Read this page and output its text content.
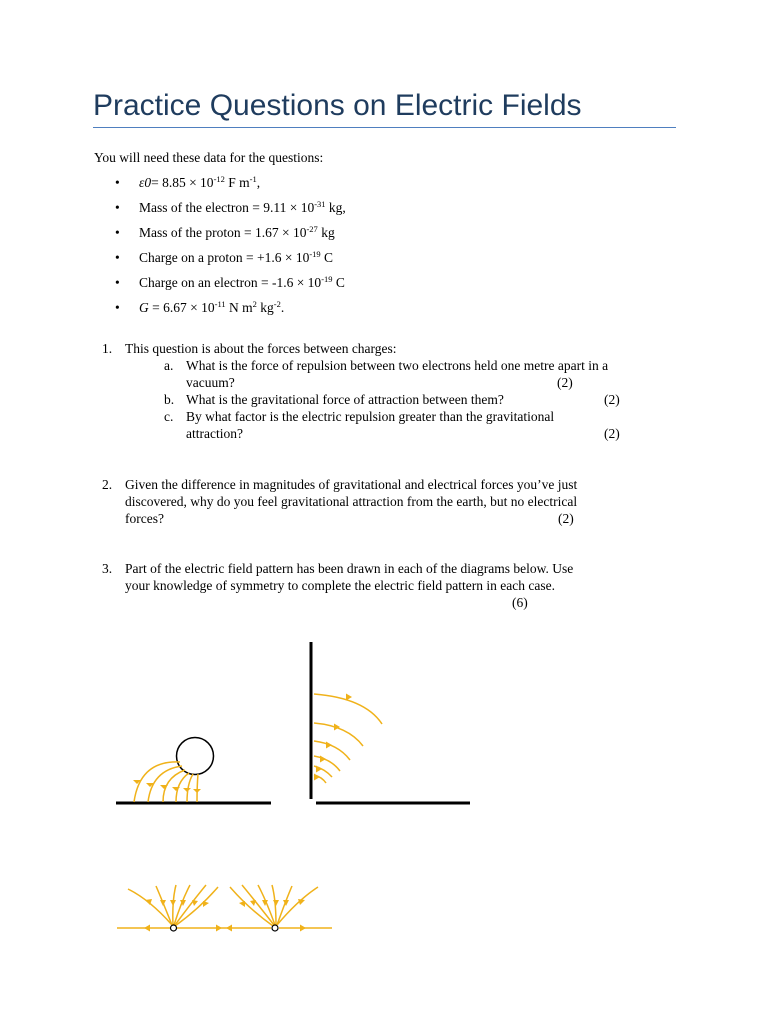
Practice Questions on Electric Fields
You will need these data for the questions:
• $\varepsilon 0= 8.85 \times 10^{-12}$ F $m^{-1}$,
• Mass of the electron = $9.11 \times 10^{-31}$ kg,
• Mass of the proton = $1.67 \times 10^{-27}$ kg
• Charge on a proton = $+1.6 \times 10^{-19}$ C
• Charge on an electron = $-1.6 \times 10^{-19}$ C
• $G = 6.67 \times 10^{-11}$ N $m^2$ $kg^{-2}$.
1. This question is about the forces between charges:
a. What is the force of repulsion between two electrons held one metre apart in a
vacuum?	(2)
b. What is the gravitational force of attraction between them?	(2)
c. By what factor is the electric repulsion greater than the gravitational
attraction?	(2)
2. Given the difference in magnitudes of gravitational and electrical forces you’ve just
discovered, why do you feel gravitational attraction from the earth, but no electrical
forces?	(2)
3. Part of the electric field pattern has been drawn in each of the diagrams below. Use
your knowledge of symmetry to complete the electric field pattern in each case.
(6)
